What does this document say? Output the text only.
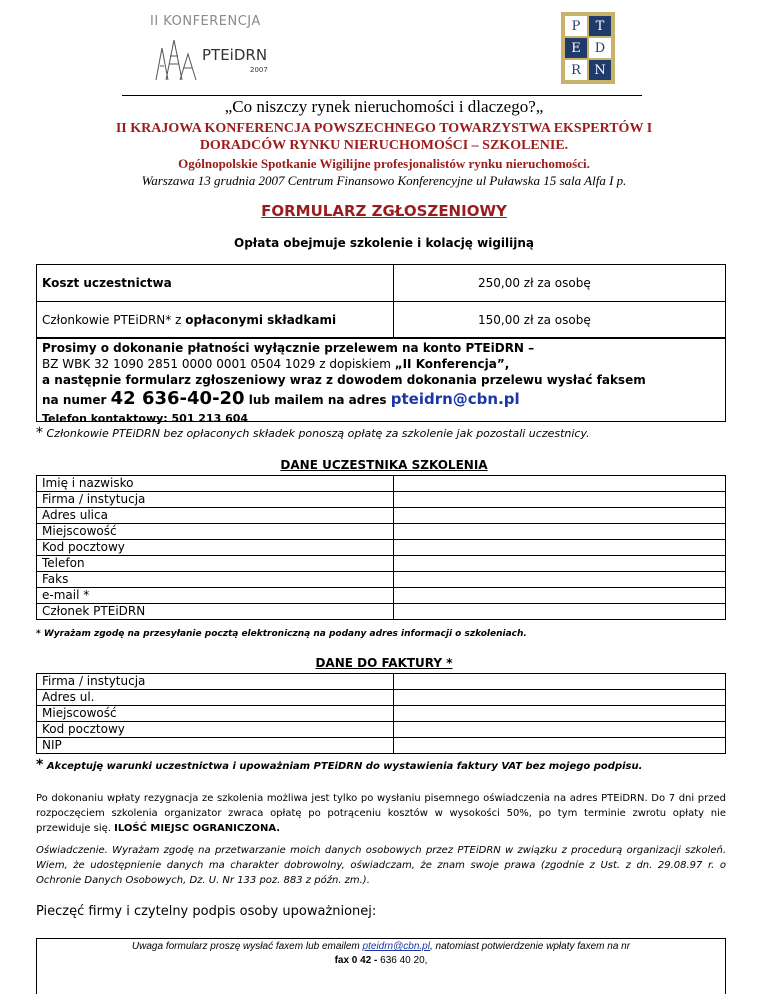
II KONFERENCJA
PTEiDRN
2007
P	T
E	D
R	N
„Co niszczy rynek nieruchomości i dlaczego?„
II KRAJOWA KONFERENCJA POWSZECHNEGO TOWARZYSTWA EKSPERTÓW I
DORADCÓW RYNKU NIERUCHOMOŚCI – SZKOLENIE.
Ogólnopolskie Spotkanie Wigilijne profesjonalistów rynku nieruchomości.
Warszawa 13 grudnia 2007 Centrum Finansowo Konferencyjne ul Puławska 15 sala Alfa I p.
FORMULARZ ZGŁOSZENIOWY
Opłata obejmuje szkolenie i kolację wigilijną
Koszt uczestnictwa	250,00 zł za osobę
Członkowie PTEiDRN* z opłaconymi składkami	150,00 zł za osobę
Prosimy o dokonanie płatności wyłącznie przelewem na konto PTEiDRN –
BZ WBK 32 1090 2851 0000 0001 0504 1029 z dopiskiem „II Konferencja”,
a następnie formularz zgłoszeniowy wraz z dowodem dokonania przelewu wysłać faksem
na numer 42 636-40-20 lub mailem na adres pteidrn@cbn.pl
Telefon kontaktowy: 501 213 604
* Członkowie PTEiDRN bez opłaconych składek ponoszą opłatę za szkolenie jak pozostali uczestnicy.
DANE UCZESTNIKA SZKOLENIA
Imię i nazwisko	
Firma / instytucja	
Adres ulica	
Miejscowość	
Kod pocztowy	
Telefon	
Faks	
e-mail *	
Członek PTEiDRN	
* Wyrażam zgodę na przesyłanie pocztą elektroniczną na podany adres informacji o szkoleniach.
DANE DO FAKTURY *
Firma / instytucja	
Adres ul.	
Miejscowość	
Kod pocztowy	
NIP	
* Akceptuję warunki uczestnictwa i upoważniam PTEiDRN do wystawienia faktury VAT bez mojego podpisu.
Po dokonaniu wpłaty rezygnacja ze szkolenia możliwa jest tylko po wysłaniu pisemnego oświadczenia na adres PTEiDRN. Do 7 dni przed rozpoczęciem szkolenia organizator zwraca opłatę po potrąceniu kosztów w wysokości 50%, po tym terminie zwrotu opłaty nie przewiduje się. ILOŚĆ MIEJSC OGRANICZONA.
Oświadczenie. Wyrażam zgodę na przetwarzanie moich danych osobowych przez PTEiDRN w związku z procedurą organizacji szkoleń. Wiem, że udostępnienie danych ma charakter dobrowolny, oświadczam, że znam swoje prawa (zgodnie z Ust. z dn. 29.08.97 r. o Ochronie Danych Osobowych, Dz. U. Nr 133 poz. 883 z późn. zm.).
Pieczęć firmy i czytelny podpis osoby upoważnionej:
Uwaga formularz proszę wysłać faxem lub emailem pteidrn@cbn.pl, natomiast potwierdzenie wpłaty faxem na nr
fax 0 42 - 636 40 20,
